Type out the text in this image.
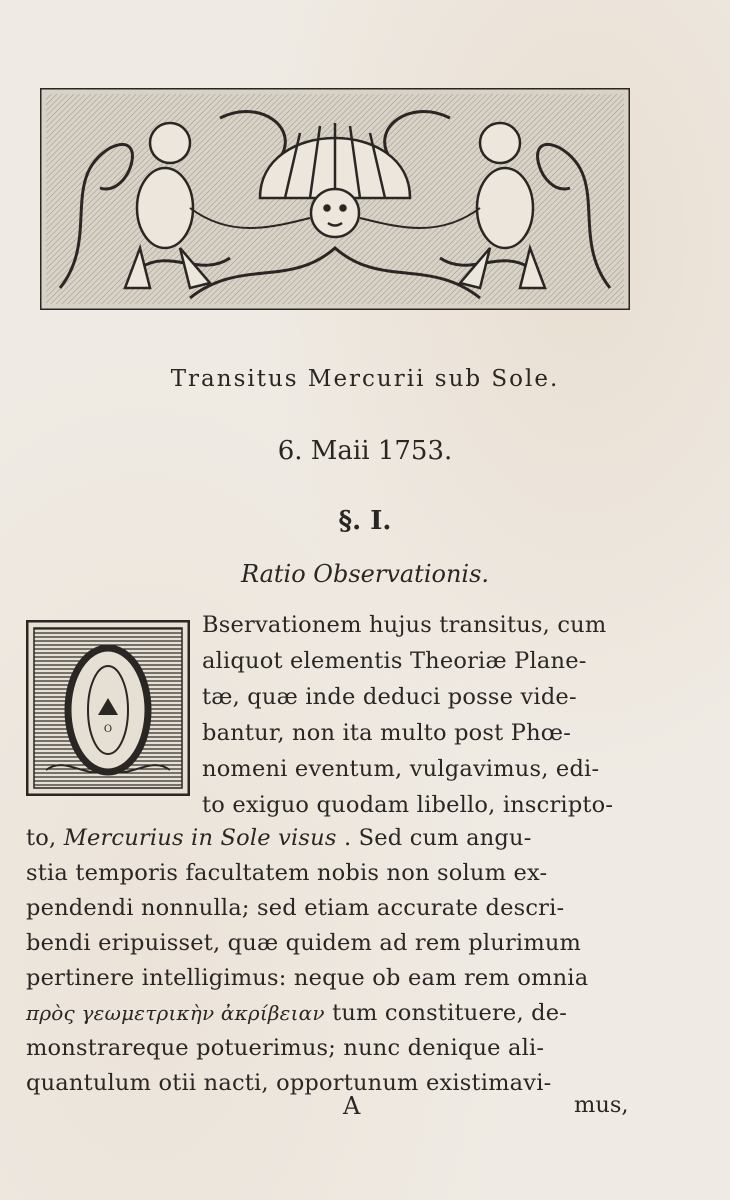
Transitus Mercurii sub Sole.
6. Maii 1753.
§. I.
Ratio Observationis.
O
Bservationem hujus transitus, cum
aliquot elementis Theoriæ Plane-
tæ, quæ inde deduci posse vide-
bantur, non ita multo post Phœ-
nomeni eventum, vulgavimus, edi-
to exiguo quodam libello, inscripto-
to, Mercurius in Sole visus . Sed cum angu-
stia temporis facultatem nobis non solum ex-
pendendi nonnulla; sed etiam accurate descri-
bendi eripuisset, quæ quidem ad rem plurimum
pertinere intelligimus: neque ob eam rem omnia
πρὸς γεωμετρικὴν ἀκρίβειαν tum constituere, de-
monstrareque potuerimus; nunc denique ali-
quantulum otii nacti, opportunum existimavi-
A	mus,
